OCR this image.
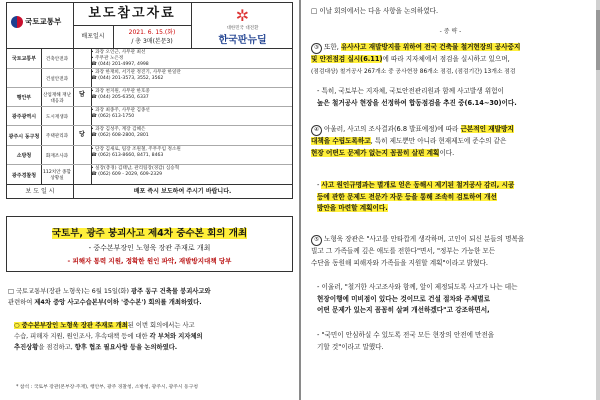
국토교통부
보도참고자료
배포일시
2021. 6. 15.(화)
/ 총 3매(본문3)
✲
대한민국 대전환
한국판뉴딜
담
당
국토교통부	건축안전과
• 과장 오인근, 사무관 최선
• 주무관 노은정
☎ (044) 201-4997, 4998
건설안전과
• 과장 한재희, 서기관 정진기, 사무관 한일란
☎ (044) 201-3573, 3552, 3562
행안부	산업재해 재난대응과
• 과장 천지원, 사무관 한호중
☎ (044) 205-6350, 6337
광주광역시	도시재생과
• 과장 최종주, 사무관 김종선
☎ (062) 613-1750
광주시 동구청	주택관리과
• 과장 김성주, 계장 김혜은
☎ (062) 608-2800, 2801
소방청	화재조사과
• 단장 김새로, 팀장 조원철, 주무주임 정소원
☎ (062) 613-8660, 8471, 8463
광주경찰청	112치안 종합상황실
• 실장(총경) 김태남, 관리팀장(경감) 심승혁
☎ (062) 609 - 2029, 609-2329
보 도 일 시	배포 즉시 보도하여 주시기 바랍니다.
국토부, 광주 붕괴사고 제4차 중수본 회의 개최
- 중수본부장인 노형욱 장관 주재로 개최
- 피해자 통력 지원, 정확한 원인 파악, 재발방지대책 당부
□ 국토교통부(장관 노형욱)는 6월 15일(화) 광주 동구 건축물 붕괴사고와
관련하여 제4차 중앙 사고수습본부(이하 '중수본') 회의를 개최하였다.
○ 중수본부장인 노형욱 장관 주재로 개최된 이번 회의에서는 사고
수습, 피해자 지원, 원인조사, 후속대책 등에 대한 각 부처와 지자체의
추진상황을 점검하고, 향후 협조 필요사항 등을 논의하였다.
* 참석 : 국토부 장관(본부장·주재), 행안부, 광주 경찰청, 소방청, 광주시, 광주시 동구청
□ 이날 회의에서는 다음 사항을 논의하였다.
- 중 략 -
③ 또한, 유사사고 재발방지를 위하여 전국 건축물 철거현장의 공사중지
및 안전점검 실시(6.11)에 따라 지자체에서 점검을 실시하고 있으며,
(점검대상) 철거공사 267개소 중 공사현장 86개소 점검, (점검기간) 13개소 점검
- 특히, 국토부는 지자체, 국토안전관리원과 함께 사고발생 위험이
높은 철거공사 현장을 선정하여 합동점검을 추진 중(6.14~30)이다.
④ 아울러, 사고의 조사결과(6.8 발표예정)에 따라 근본적인 재발방지
대책을 수립도록하고, 특히 제도뿐만 아니라 현재제도에 준수의 같은
현장 어떤도 문제가 없는지 꼼꼼히 살핀 계획이다.
- 사고 원인규명과는 별개로 얻은 동해시 제기된 철거공사 감리, 시공
등에 관한 문제도 전문가 자문 등을 통해 조속히 검토하여 개선
방안을 마련할 계획이다.
⑤ 노형욱 장관은 "사고를 안타깝게 생각하며, 고인이 되신 분들의 명복을
빌고 그 가족들께 깊은 애도를 전한다"면서, "정부는 가능한 모든
수단을 동원해 피해자와 가족들을 지원할 계획"이라고 밝혔다.
- 이울러, "철거한 사고조사와 함께, 앞이 제정되도록 사고가 나는 데는
현장이행에 미비점이 있다는 것이므로 건설 절차와 주체별로
어떤 문제가 있는지 꼼꼼히 살펴 개선하겠다"고 강조하면서,
- "국민이 안심하실 수 있도록 전국 모든 현장의 안전에 만전을
기할 것"이라고 말했다.
